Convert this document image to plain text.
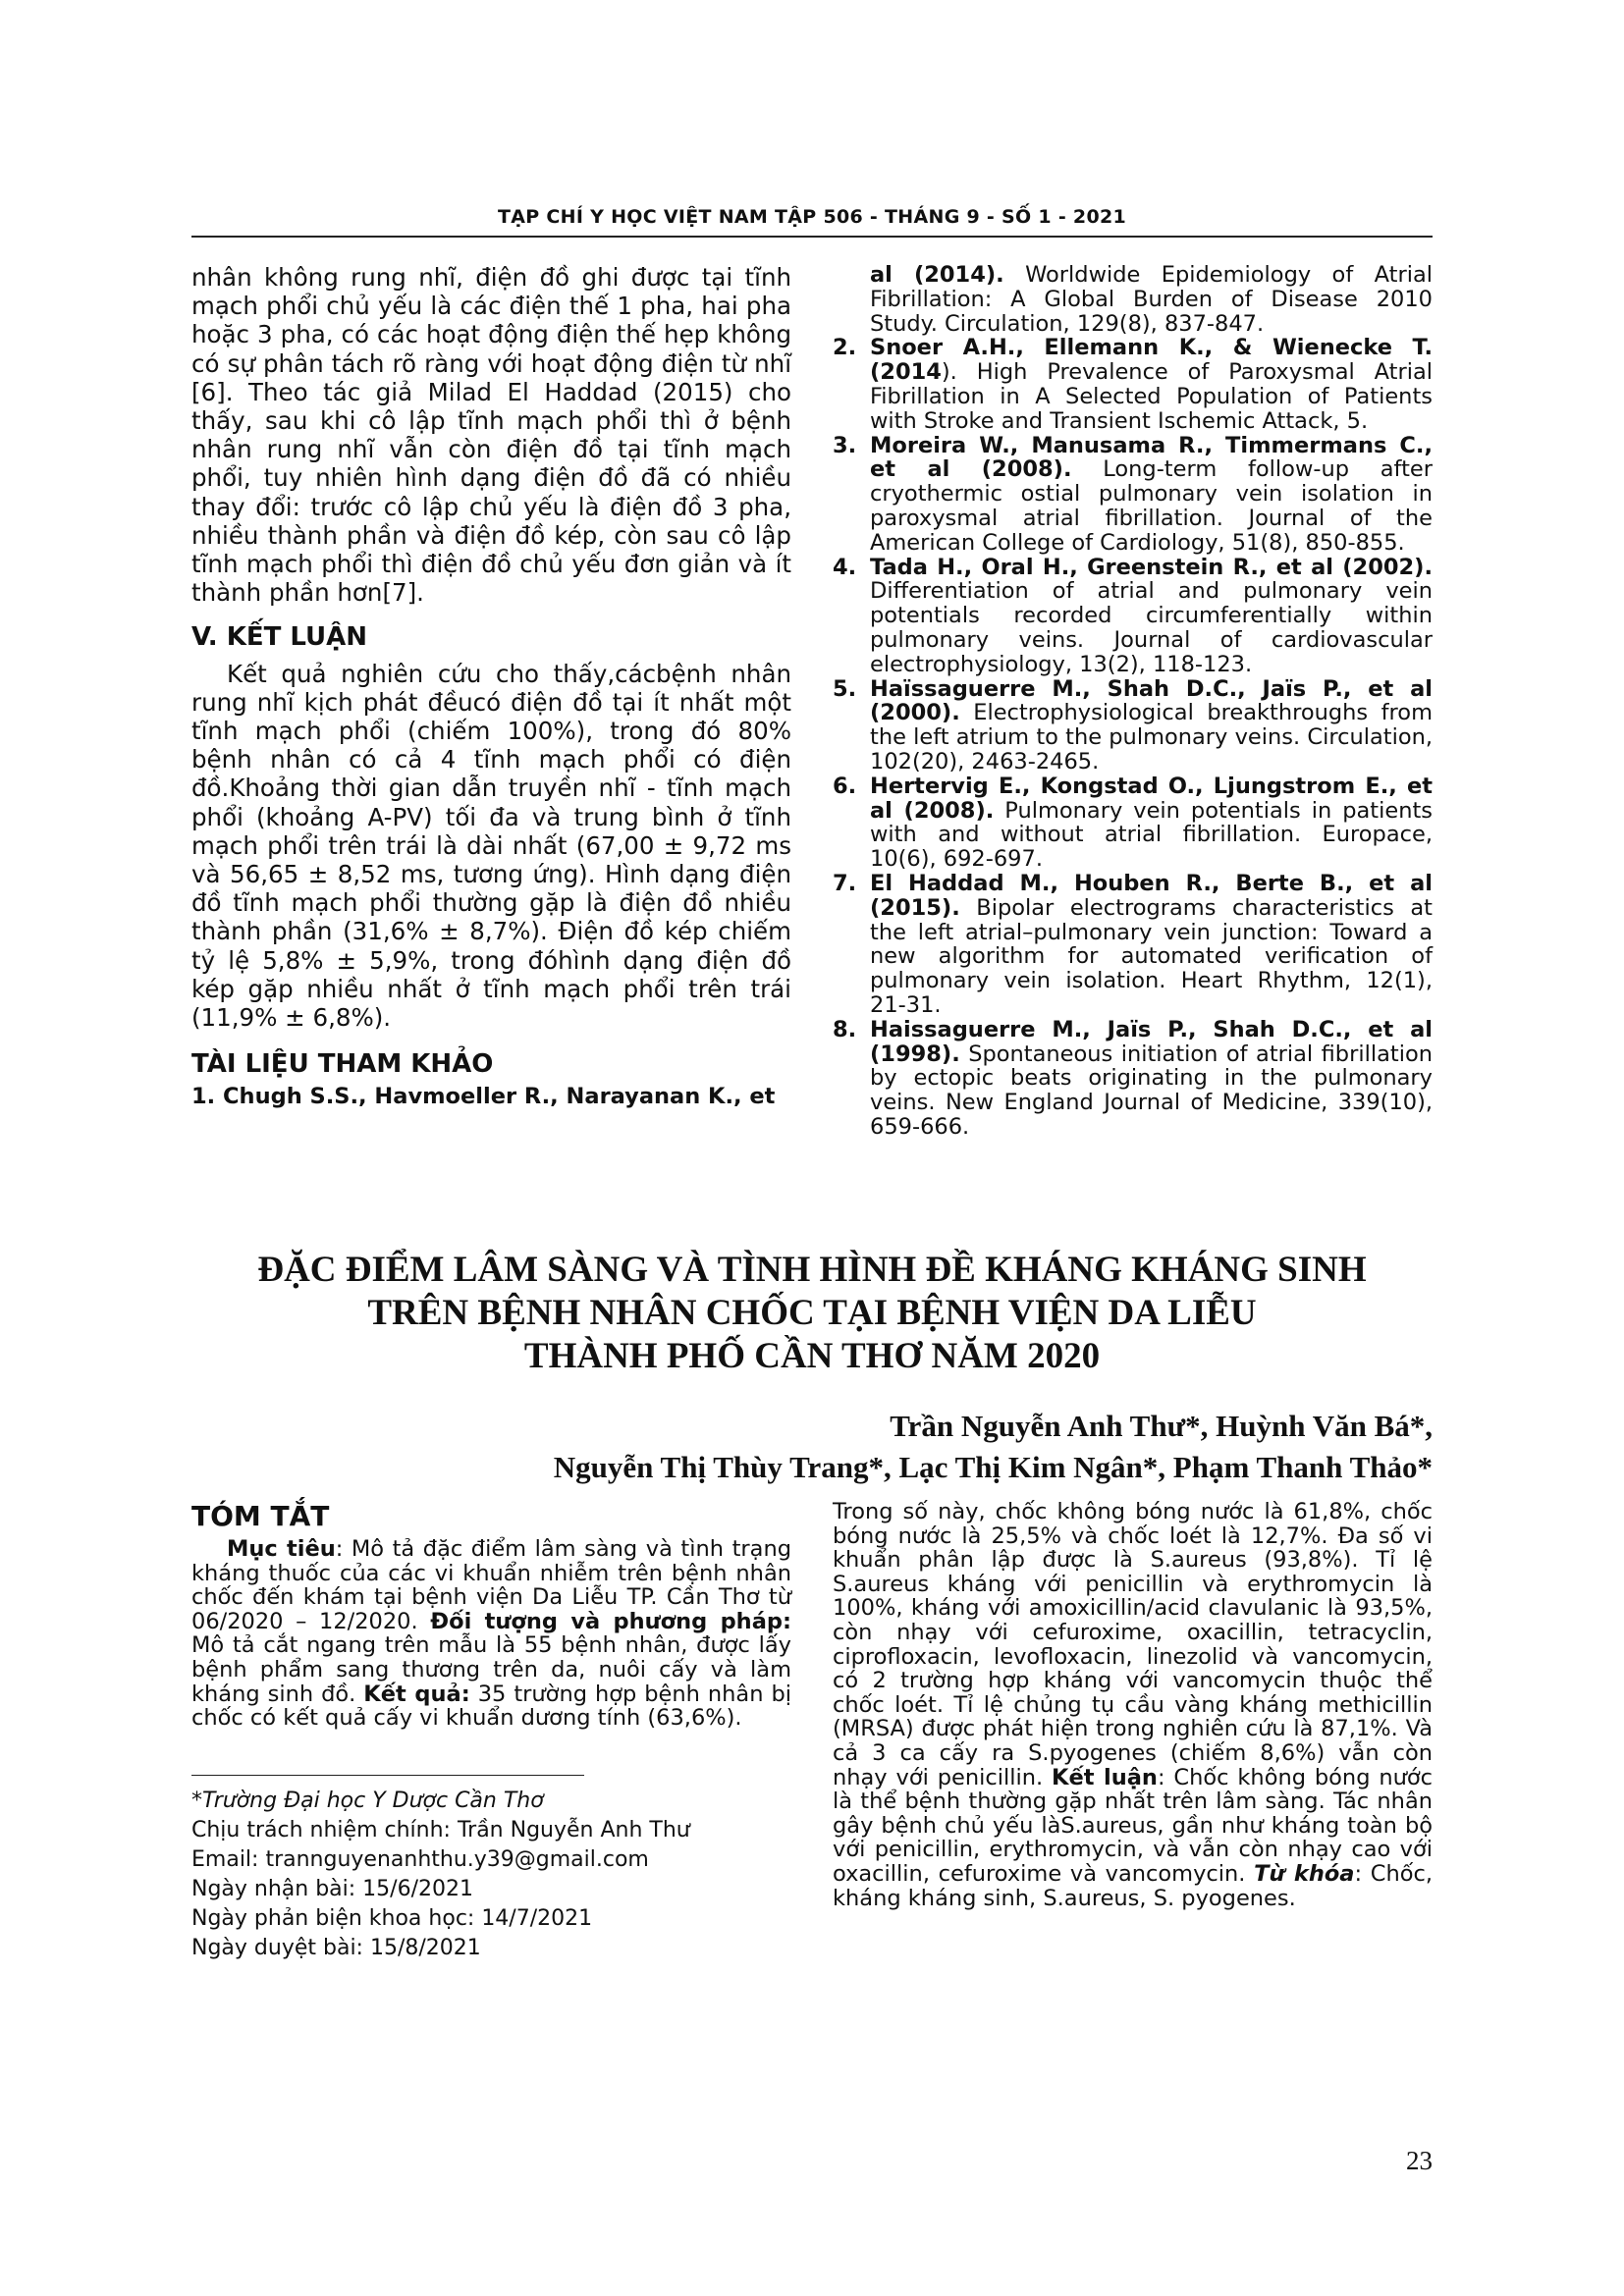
TẠP CHÍ Y HỌC VIỆT NAM TẬP 506 - THÁNG 9 - SỐ 1 - 2021

nhân không rung nhĩ, điện đồ ghi được tại tĩnh mạch phổi chủ yếu là các điện thế 1 pha, hai pha hoặc 3 pha, có các hoạt động điện thế hẹp không có sự phân tách rõ ràng với hoạt động điện từ nhĩ [6]. Theo tác giả Milad El Haddad (2015) cho thấy, sau khi cô lập tĩnh mạch phổi thì ở bệnh nhân rung nhĩ vẫn còn điện đồ tại tĩnh mạch phổi, tuy nhiên hình dạng điện đồ đã có nhiều thay đổi: trước cô lập chủ yếu là điện đồ 3 pha, nhiều thành phần và điện đồ kép, còn sau cô lập tĩnh mạch phổi thì điện đồ chủ yếu đơn giản và ít thành phần hơn[7].

V. KẾT LUẬN

Kết quả nghiên cứu cho thấy,cácbệnh nhân rung nhĩ kịch phát đềucó điện đồ tại ít nhất một tĩnh mạch phổi (chiếm 100%), trong đó 80% bệnh nhân có cả 4 tĩnh mạch phổi có điện đồ.Khoảng thời gian dẫn truyền nhĩ - tĩnh mạch phổi (khoảng A-PV) tối đa và trung bình ở tĩnh mạch phổi trên trái là dài nhất (67,00 ± 9,72 ms và 56,65 ± 8,52 ms, tương ứng). Hình dạng điện đồ tĩnh mạch phổi thường gặp là điện đồ nhiều thành phần (31,6% ± 8,7%). Điện đồ kép chiếm tỷ lệ 5,8% ± 5,9%, trong đóhình dạng điện đồ kép gặp nhiều nhất ở tĩnh mạch phổi trên trái (11,9% ± 6,8%).

TÀI LIỆU THAM KHẢO

1. Chugh S.S., Havmoeller R., Narayanan K., et

al (2014). Worldwide Epidemiology of Atrial Fibrillation: A Global Burden of Disease 2010 Study. Circulation, 129(8), 837-847.

2. Snoer A.H., Ellemann K., & Wienecke T. (2014). High Prevalence of Paroxysmal Atrial Fibrillation in A Selected Population of Patients with Stroke and Transient Ischemic Attack, 5.

3. Moreira W., Manusama R., Timmermans C., et al (2008). Long-term follow-up after cryothermic ostial pulmonary vein isolation in paroxysmal atrial fibrillation. Journal of the American College of Cardiology, 51(8), 850-855.

4. Tada H., Oral H., Greenstein R., et al (2002). Differentiation of atrial and pulmonary vein potentials recorded circumferentially within pulmonary veins. Journal of cardiovascular electrophysiology, 13(2), 118-123.

5. Haïssaguerre M., Shah D.C., Jaïs P., et al (2000). Electrophysiological breakthroughs from the left atrium to the pulmonary veins. Circulation, 102(20), 2463-2465.

6. Hertervig E., Kongstad O., Ljungstrom E., et al (2008). Pulmonary vein potentials in patients with and without atrial fibrillation. Europace, 10(6), 692-697.

7. El Haddad M., Houben R., Berte B., et al (2015). Bipolar electrograms characteristics at the left atrial–pulmonary vein junction: Toward a new algorithm for automated verification of pulmonary vein isolation. Heart Rhythm, 12(1), 21-31.

8. Haissaguerre M., Jaïs P., Shah D.C., et al (1998). Spontaneous initiation of atrial fibrillation by ectopic beats originating in the pulmonary veins. New England Journal of Medicine, 339(10), 659-666.

ĐẶC ĐIỂM LÂM SÀNG VÀ TÌNH HÌNH ĐỀ KHÁNG KHÁNG SINH
TRÊN BỆNH NHÂN CHỐC TẠI BỆNH VIỆN DA LIỄU
THÀNH PHỐ CẦN THƠ NĂM 2020
Trần Nguyễn Anh Thư*, Huỳnh Văn Bá*,
Nguyễn Thị Thùy Trang*, Lạc Thị Kim Ngân*, Phạm Thanh Thảo*
TÓM TẮT

Mục tiêu: Mô tả đặc điểm lâm sàng và tình trạng kháng thuốc của các vi khuẩn nhiễm trên bệnh nhân chốc đến khám tại bệnh viện Da Liễu TP. Cần Thơ từ 06/2020 – 12/2020. Đối tượng và phương pháp: Mô tả cắt ngang trên mẫu là 55 bệnh nhân, được lấy bệnh phẩm sang thương trên da, nuôi cấy và làm kháng sinh đồ. Kết quả: 35 trường hợp bệnh nhân bị chốc có kết quả cấy vi khuẩn dương tính (63,6%).

Trong số này, chốc không bóng nước là 61,8%, chốc bóng nước là 25,5% và chốc loét là 12,7%. Đa số vi khuẩn phân lập được là S.aureus (93,8%). Tỉ lệ S.aureus kháng với penicillin và erythromycin là 100%, kháng với amoxicillin/acid clavulanic là 93,5%, còn nhạy với cefuroxime, oxacillin, tetracyclin, ciprofloxacin, levofloxacin, linezolid và vancomycin, có 2 trường hợp kháng với vancomycin thuộc thể chốc loét. Tỉ lệ chủng tụ cầu vàng kháng methicillin (MRSA) được phát hiện trong nghiên cứu là 87,1%. Và cả 3 ca cấy ra S.pyogenes (chiếm 8,6%) vẫn còn nhạy với penicillin. Kết luận: Chốc không bóng nước là thể bệnh thường gặp nhất trên lâm sàng. Tác nhân gây bệnh chủ yếu làS.aureus, gần như kháng toàn bộ với penicillin, erythromycin, và vẫn còn nhạy cao với oxacillin, cefuroxime và vancomycin. Từ khóa: Chốc, kháng kháng sinh, S.aureus, S. pyogenes.

*Trường Đại học Y Dược Cần Thơ
Chịu trách nhiệm chính: Trần Nguyễn Anh Thư
Email: trannguyenanhthu.y39@gmail.com
Ngày nhận bài: 15/6/2021
Ngày phản biện khoa học: 14/7/2021
Ngày duyệt bài: 15/8/2021
23
